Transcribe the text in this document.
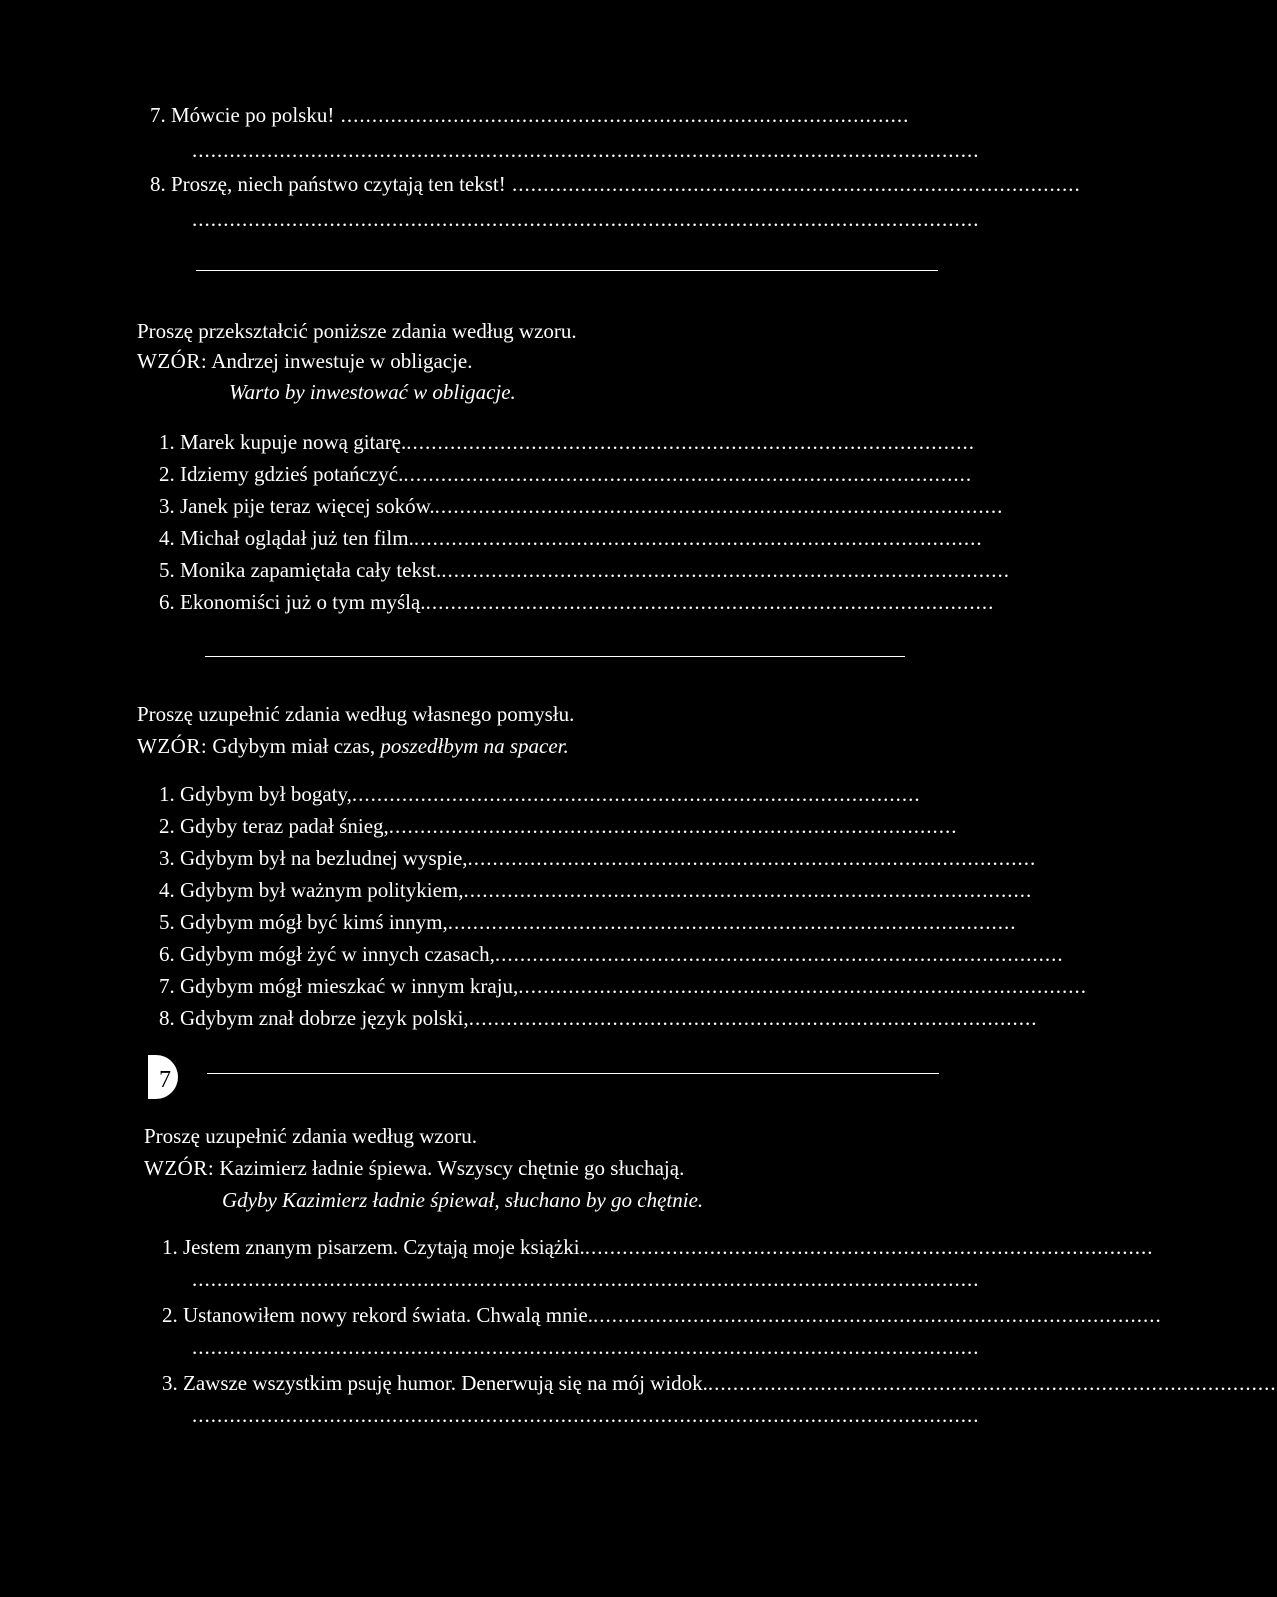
7. Mówcie po polsku! ...........................................................................................
..............................................................................................................................
8. Proszę, niech państwo czytają ten tekst! ...........................................................................................
..............................................................................................................................
Proszę przekształcić poniższe zdania według wzoru.
WZÓR: Andrzej inwestuje w obligacje.
Warto by inwestować w obligacje.
1. Marek kupuje nową gitarę............................................................................................
2. Idziemy gdzieś potańczyć............................................................................................
3. Janek pije teraz więcej soków............................................................................................
4. Michał oglądał już ten film............................................................................................
5. Monika zapamiętała cały tekst............................................................................................
6. Ekonomiści już o tym myślą............................................................................................
Proszę uzupełnić zdania według własnego pomysłu.
WZÓR: Gdybym miał czas, poszedłbym na spacer.
1. Gdybym był bogaty,...........................................................................................
2. Gdyby teraz padał śnieg,...........................................................................................
3. Gdybym był na bezludnej wyspie,...........................................................................................
4. Gdybym był ważnym politykiem,...........................................................................................
5. Gdybym mógł być kimś innym,...........................................................................................
6. Gdybym mógł żyć w innych czasach,...........................................................................................
7. Gdybym mógł mieszkać w innym kraju,...........................................................................................
8. Gdybym znał dobrze język polski,...........................................................................................
7
Proszę uzupełnić zdania według wzoru.
WZÓR: Kazimierz ładnie śpiewa. Wszyscy chętnie go słuchają.
Gdyby Kazimierz ładnie śpiewał, słuchano by go chętnie.
1. Jestem znanym pisarzem. Czytają moje książki............................................................................................
..............................................................................................................................
2. Ustanowiłem nowy rekord świata. Chwalą mnie............................................................................................
..............................................................................................................................
3. Zawsze wszystkim psuję humor. Denerwują się na mój widok............................................................................................
..............................................................................................................................
